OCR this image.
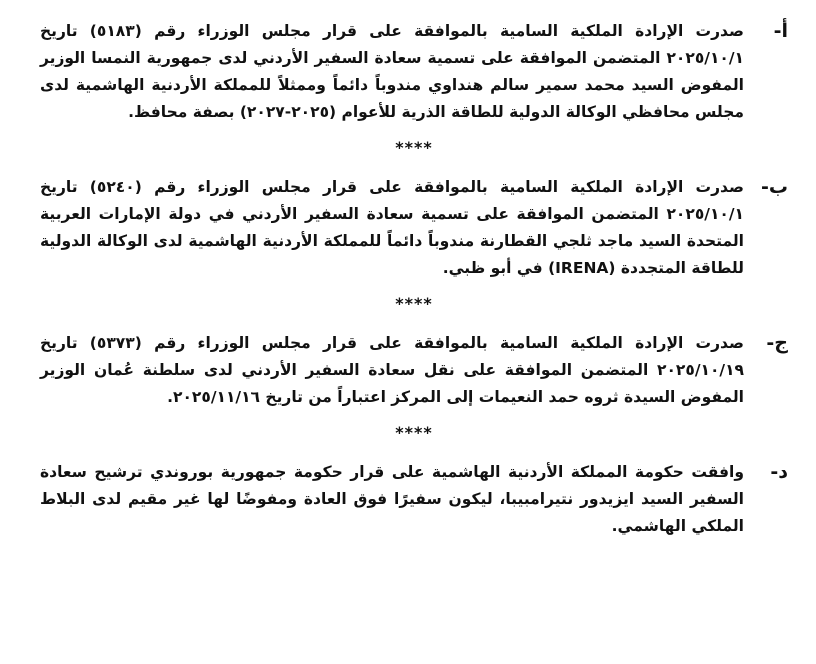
أ-
صدرت الإرادة الملكية السامية بالموافقة على قرار مجلس الوزراء رقم (٥١٨٣) تاريخ ٢٠٢٥/١٠/١ المتضمن الموافقة على تسمية سعادة السفير الأردني لدى جمهورية النمسا الوزير المفوض السيد محمد سمير سالم هنداوي مندوباً دائماً وممثلاً للمملكة الأردنية الهاشمية لدى مجلس محافظي الوكالة الدولية للطاقة الذرية للأعوام (٢٠٢٥-٢٠٢٧) بصفة محافظ.
****
ب-
صدرت الإرادة الملكية السامية بالموافقة على قرار مجلس الوزراء رقم (٥٢٤٠) تاريخ ٢٠٢٥/١٠/١ المتضمن الموافقة على تسمية سعادة السفير الأردني في دولة الإمارات العربية المتحدة السيد ماجد ثلجي القطارنة مندوباً دائماً للمملكة الأردنية الهاشمية لدى الوكالة الدولية للطاقة المتجددة (IRENA) في أبو ظبي.
****
ج-
صدرت الإرادة الملكية السامية بالموافقة على قرار مجلس الوزراء رقم (٥٣٧٣) تاريخ ٢٠٢٥/١٠/١٩ المتضمن الموافقة على نقل سعادة السفير الأردني لدى سلطنة عُمان الوزير المفوض السيدة ثروه حمد النعيمات إلى المركز اعتباراً من تاريخ ٢٠٢٥/١١/١٦.
****
د-
وافقت حكومة المملكة الأردنية الهاشمية على قرار حكومة جمهورية بوروندي ترشيح سعادة السفير السيد ايزيدور نتيرامبيبا، ليكون سفيرًا فوق العادة ومفوضًا لها غير مقيم لدى البلاط الملكي الهاشمي.
